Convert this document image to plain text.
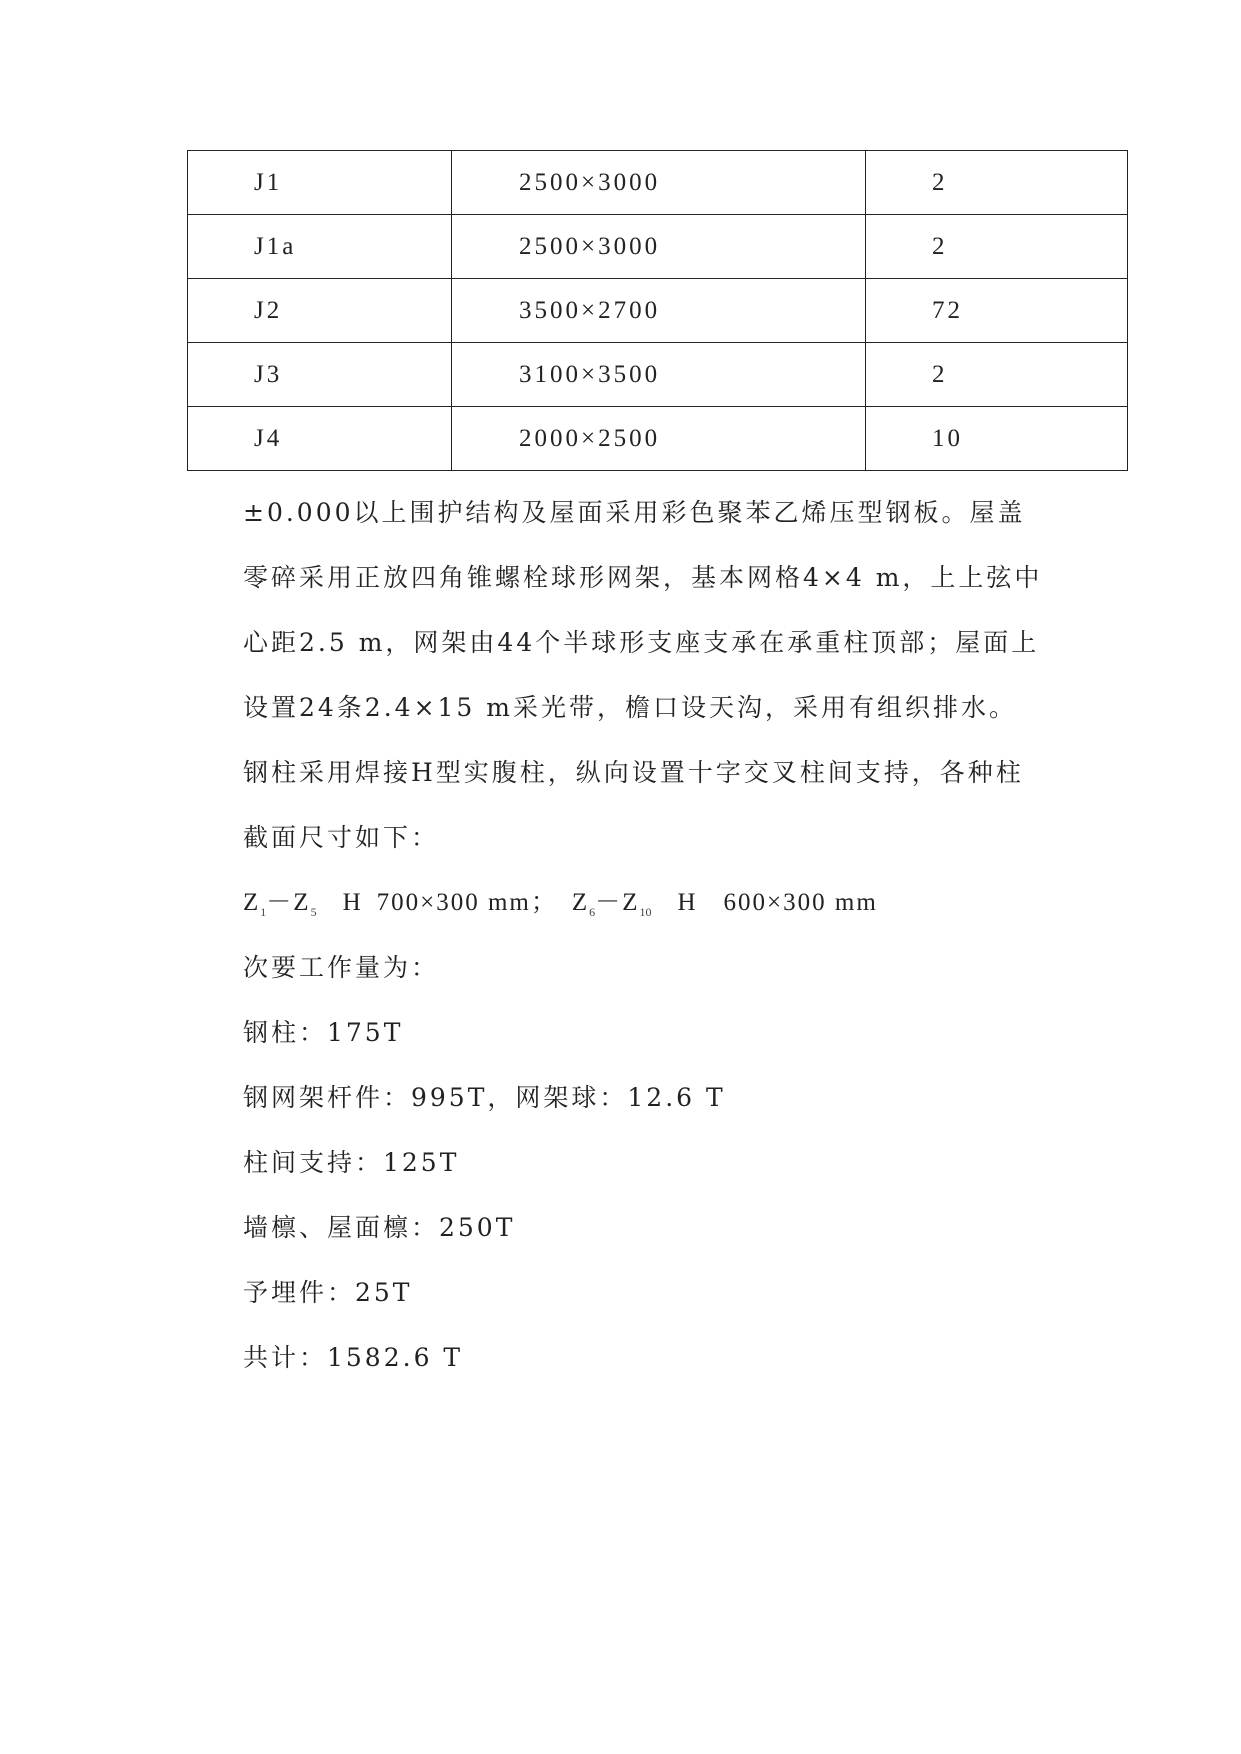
J1	2500×3000	2
J1a	2500×3000	2
J2	3500×2700	72
J3	3100×3500	2
J4	2000×2500	10
±0.000以上围护结构及屋面采用彩色聚苯乙烯压型钢板。屋盖
零碎采用正放四角锥螺栓球形网架，基本网格4×4 m，上上弦中
心距2.5 m，网架由44个半球形支座支承在承重柱顶部；屋面上
设置24条2.4×15 m采光带，檐口设天沟，采用有组织排水。
钢柱采用焊接H型实腹柱，纵向设置十字交叉柱间支持，各种柱
截面尺寸如下：
$Z_1-Z_5$ H 700×300 mm； $Z_6-Z_{10}$ H 600×300 mm
次要工作量为：
钢柱：175T
钢网架杆件：995T，网架球：12.6 T
柱间支持：125T
墙檩、屋面檩：250T
予埋件：25T
共计：1582.6 T
